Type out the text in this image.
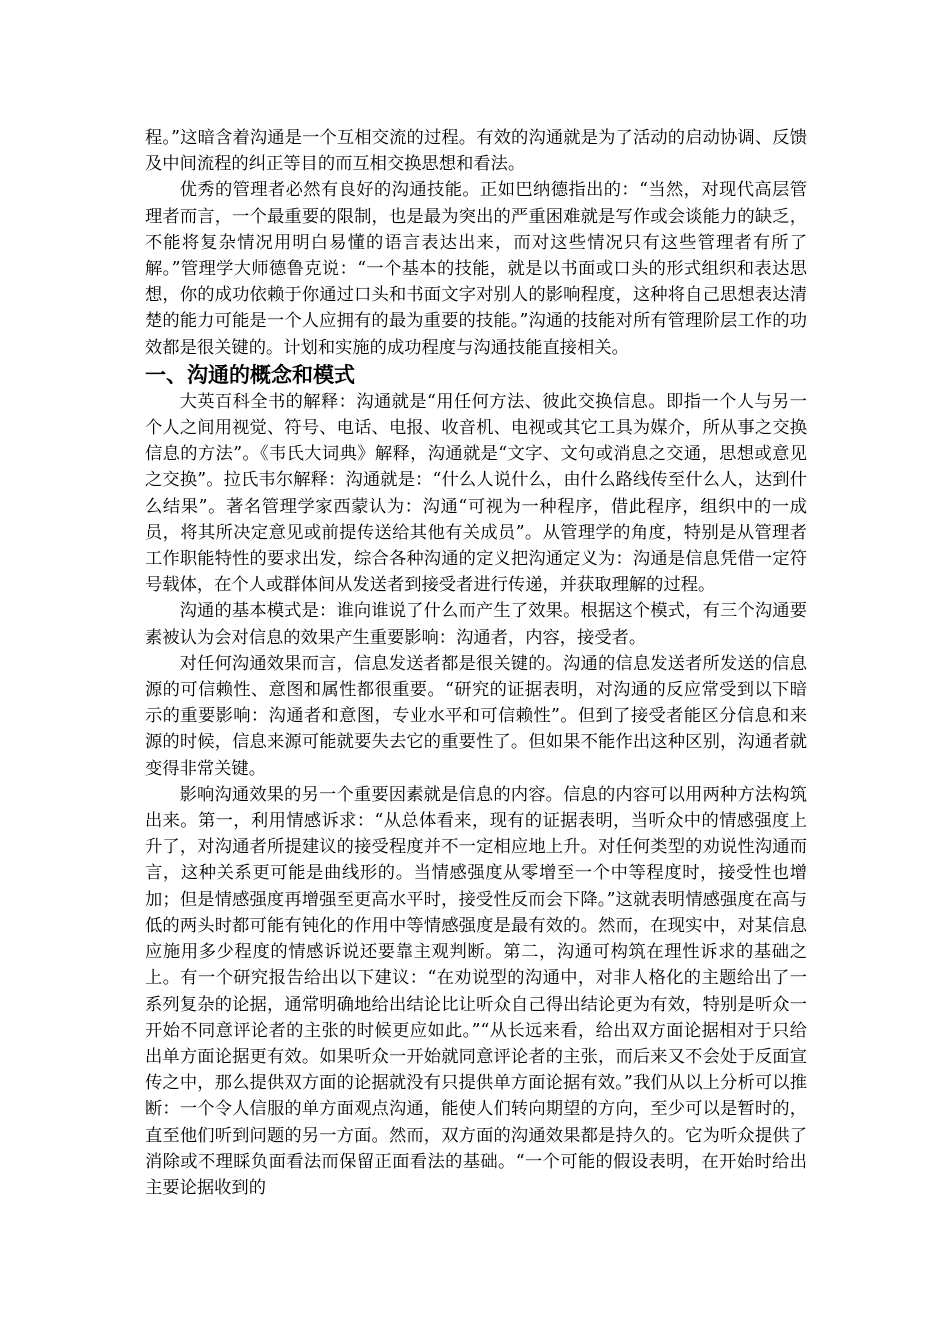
程。”这暗含着沟通是一个互相交流的过程。有效的沟通就是为了活动的启动协调、反馈及中间流程的纠正等目的而互相交换思想和看法。

优秀的管理者必然有良好的沟通技能。正如巴纳德指出的：“当然，对现代高层管理者而言，一个最重要的限制，也是最为突出的严重困难就是写作或会谈能力的缺乏，不能将复杂情况用明白易懂的语言表达出来，而对这些情况只有这些管理者有所了解。”管理学大师德鲁克说：“一个基本的技能，就是以书面或口头的形式组织和表达思想，你的成功依赖于你通过口头和书面文字对别人的影响程度，这种将自己思想表达清楚的能力可能是一个人应拥有的最为重要的技能。”沟通的技能对所有管理阶层工作的功效都是很关键的。计划和实施的成功程度与沟通技能直接相关。

一、沟通的概念和模式

大英百科全书的解释：沟通就是“用任何方法、彼此交换信息。即指一个人与另一个人之间用视觉、符号、电话、电报、收音机、电视或其它工具为媒介，所从事之交换信息的方法”。《韦氏大词典》解释，沟通就是“文字、文句或消息之交通，思想或意见之交换”。拉氏韦尔解释：沟通就是：“什么人说什么，由什么路线传至什么人，达到什么结果”。著名管理学家西蒙认为：沟通“可视为一种程序，借此程序，组织中的一成员，将其所决定意见或前提传送给其他有关成员”。从管理学的角度，特别是从管理者工作职能特性的要求出发，综合各种沟通的定义把沟通定义为：沟通是信息凭借一定符号载体，在个人或群体间从发送者到接受者进行传递，并获取理解的过程。

沟通的基本模式是：谁向谁说了什么而产生了效果。根据这个模式，有三个沟通要素被认为会对信息的效果产生重要影响：沟通者，内容，接受者。

对任何沟通效果而言，信息发送者都是很关键的。沟通的信息发送者所发送的信息源的可信赖性、意图和属性都很重要。“研究的证据表明，对沟通的反应常受到以下暗示的重要影响：沟通者和意图，专业水平和可信赖性”。但到了接受者能区分信息和来源的时候，信息来源可能就要失去它的重要性了。但如果不能作出这种区别，沟通者就变得非常关键。

影响沟通效果的另一个重要因素就是信息的内容。信息的内容可以用两种方法构筑出来。第一，利用情感诉求：“从总体看来，现有的证据表明，当听众中的情感强度上升了，对沟通者所提建议的接受程度并不一定相应地上升。对任何类型的劝说性沟通而言，这种关系更可能是曲线形的。当情感强度从零增至一个中等程度时，接受性也增加；但是情感强度再增强至更高水平时，接受性反而会下降。”这就表明情感强度在高与低的两头时都可能有钝化的作用中等情感强度是最有效的。然而，在现实中，对某信息应施用多少程度的情感诉说还要靠主观判断。第二，沟通可构筑在理性诉求的基础之上。有一个研究报告给出以下建议：“在劝说型的沟通中，对非人格化的主题给出了一系列复杂的论据，通常明确地给出结论比让听众自己得出结论更为有效，特别是听众一开始不同意评论者的主张的时候更应如此。”“从长远来看，给出双方面论据相对于只给出单方面论据更有效。如果听众一开始就同意评论者的主张，而后来又不会处于反面宣传之中，那么提供双方面的论据就没有只提供单方面论据有效。”我们从以上分析可以推断：一个令人信服的单方面观点沟通，能使人们转向期望的方向，至少可以是暂时的，直至他们听到问题的另一方面。然而，双方面的沟通效果都是持久的。它为听众提供了消除或不理睬负面看法而保留正面看法的基础。“一个可能的假设表明，在开始时给出主要论据收到的
